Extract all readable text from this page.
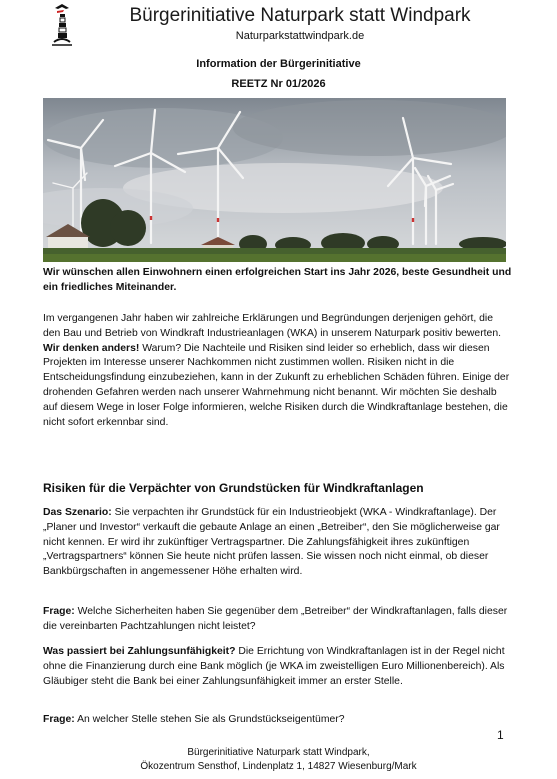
Bürgerinitiative Naturpark statt Windpark
Naturparkstattwindpark.de
Information der Bürgerinitiative
REETZ Nr 01/2026
Wir wünschen allen Einwohnern einen erfolgreichen Start ins Jahr 2026, beste Gesundheit und ein friedliches Miteinander.
Im vergangenen Jahr haben wir zahlreiche Erklärungen und Begründungen derjenigen gehört, die den Bau und Betrieb von Windkraft Industrieanlagen (WKA) in unserem Naturpark positiv bewerten.
Wir denken anders! Warum? Die Nachteile und Risiken sind leider so erheblich, dass wir diesen Projekten im Interesse unserer Nachkommen nicht zustimmen wollen. Risiken nicht in die Entscheidungsfindung einzubeziehen, kann in der Zukunft zu erheblichen Schäden führen. Einige der drohenden Gefahren werden nach unserer Wahrnehmung nicht benannt. Wir möchten Sie deshalb auf diesem Wege in loser Folge informieren, welche Risiken durch die Windkraftanlage bestehen, die nicht sofort erkennbar sind.
Risiken für die Verpächter von Grundstücken für Windkraftanlagen
Das Szenario: Sie verpachten ihr Grundstück für ein Industrieobjekt (WKA - Windkraftanlage). Der „Planer und Investor“ verkauft die gebaute Anlage an einen „Betreiber“, den Sie möglicherweise gar nicht kennen. Er wird ihr zukünftiger Vertragspartner. Die Zahlungsfähigkeit ihres zukünftigen „Vertragspartners“ können Sie heute nicht prüfen lassen. Sie wissen noch nicht einmal, ob dieser Bankbürgschaften in angemessener Höhe erhalten wird.
Frage: Welche Sicherheiten haben Sie gegenüber dem „Betreiber“ der Windkraftanlagen, falls dieser die vereinbarten Pachtzahlungen nicht leistet?
Was passiert bei Zahlungsunfähigkeit? Die Errichtung von Windkraftanlagen ist in der Regel nicht ohne die Finanzierung durch eine Bank möglich (je WKA im zweistelligen Euro Millionenbereich). Als Gläubiger steht die Bank bei einer Zahlungsunfähigkeit immer an erster Stelle.
Frage: An welcher Stelle stehen Sie als Grundstückseigentümer?
1
Bürgerinitiative Naturpark statt Windpark,
Ökozentrum Sensthof, Lindenplatz 1, 14827 Wiesenburg/Mark
